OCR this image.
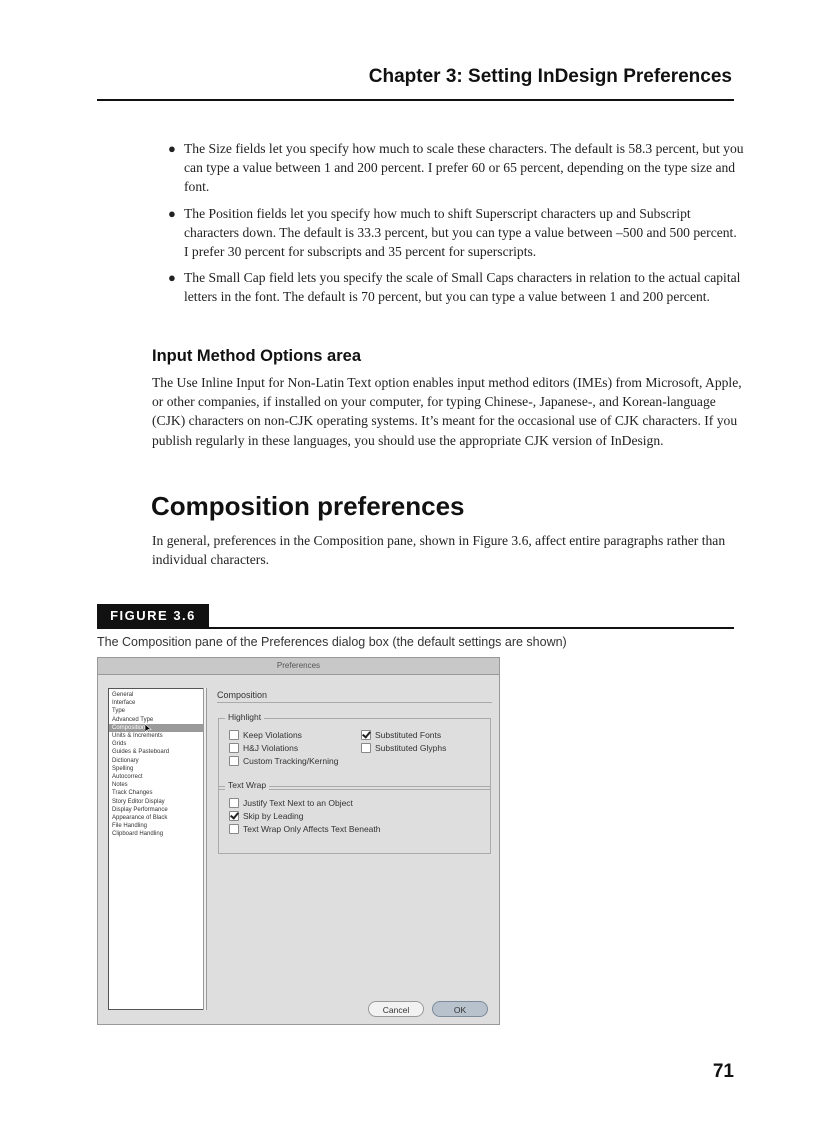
Chapter 3: Setting InDesign Preferences
● The Size fields let you specify how much to scale these characters. The default is 58.3 percent, but you can type a value between 1 and 200 percent. I prefer 60 or 65 percent, depending on the type size and font.
● The Position fields let you specify how much to shift Superscript characters up and Subscript characters down. The default is 33.3 percent, but you can type a value between –500 and 500 percent. I prefer 30 percent for subscripts and 35 percent for superscripts.
● The Small Cap field lets you specify the scale of Small Caps characters in relation to the actual capital letters in the font. The default is 70 percent, but you can type a value between 1 and 200 percent.
Input Method Options area
The Use Inline Input for Non-Latin Text option enables input method editors (IMEs) from Microsoft, Apple, or other companies, if installed on your computer, for typing Chinese-, Japanese-, and Korean-language (CJK) characters on non-CJK operating systems. It’s meant for the occasional use of CJK characters. If you publish regularly in these languages, you should use the appropriate CJK version of InDesign.
Composition preferences
In general, preferences in the Composition pane, shown in Figure 3.6, affect entire paragraphs rather than individual characters.
FIGURE 3.6
The Composition pane of the Preferences dialog box (the default settings are shown)
Preferences
General
Interface
Type
Advanced Type
Composition
Units & Increments
Grids
Guides & Pasteboard
Dictionary
Spelling
Autocorrect
Notes
Track Changes
Story Editor Display
Display Performance
Appearance of Black
File Handling
Clipboard Handling
Composition
Highlight
Keep Violations	Substituted Fonts
H&J Violations	Substituted Glyphs
Custom Tracking/Kerning
Text Wrap
Justify Text Next to an Object
Skip by Leading
Text Wrap Only Affects Text Beneath
Cancel	OK
71
